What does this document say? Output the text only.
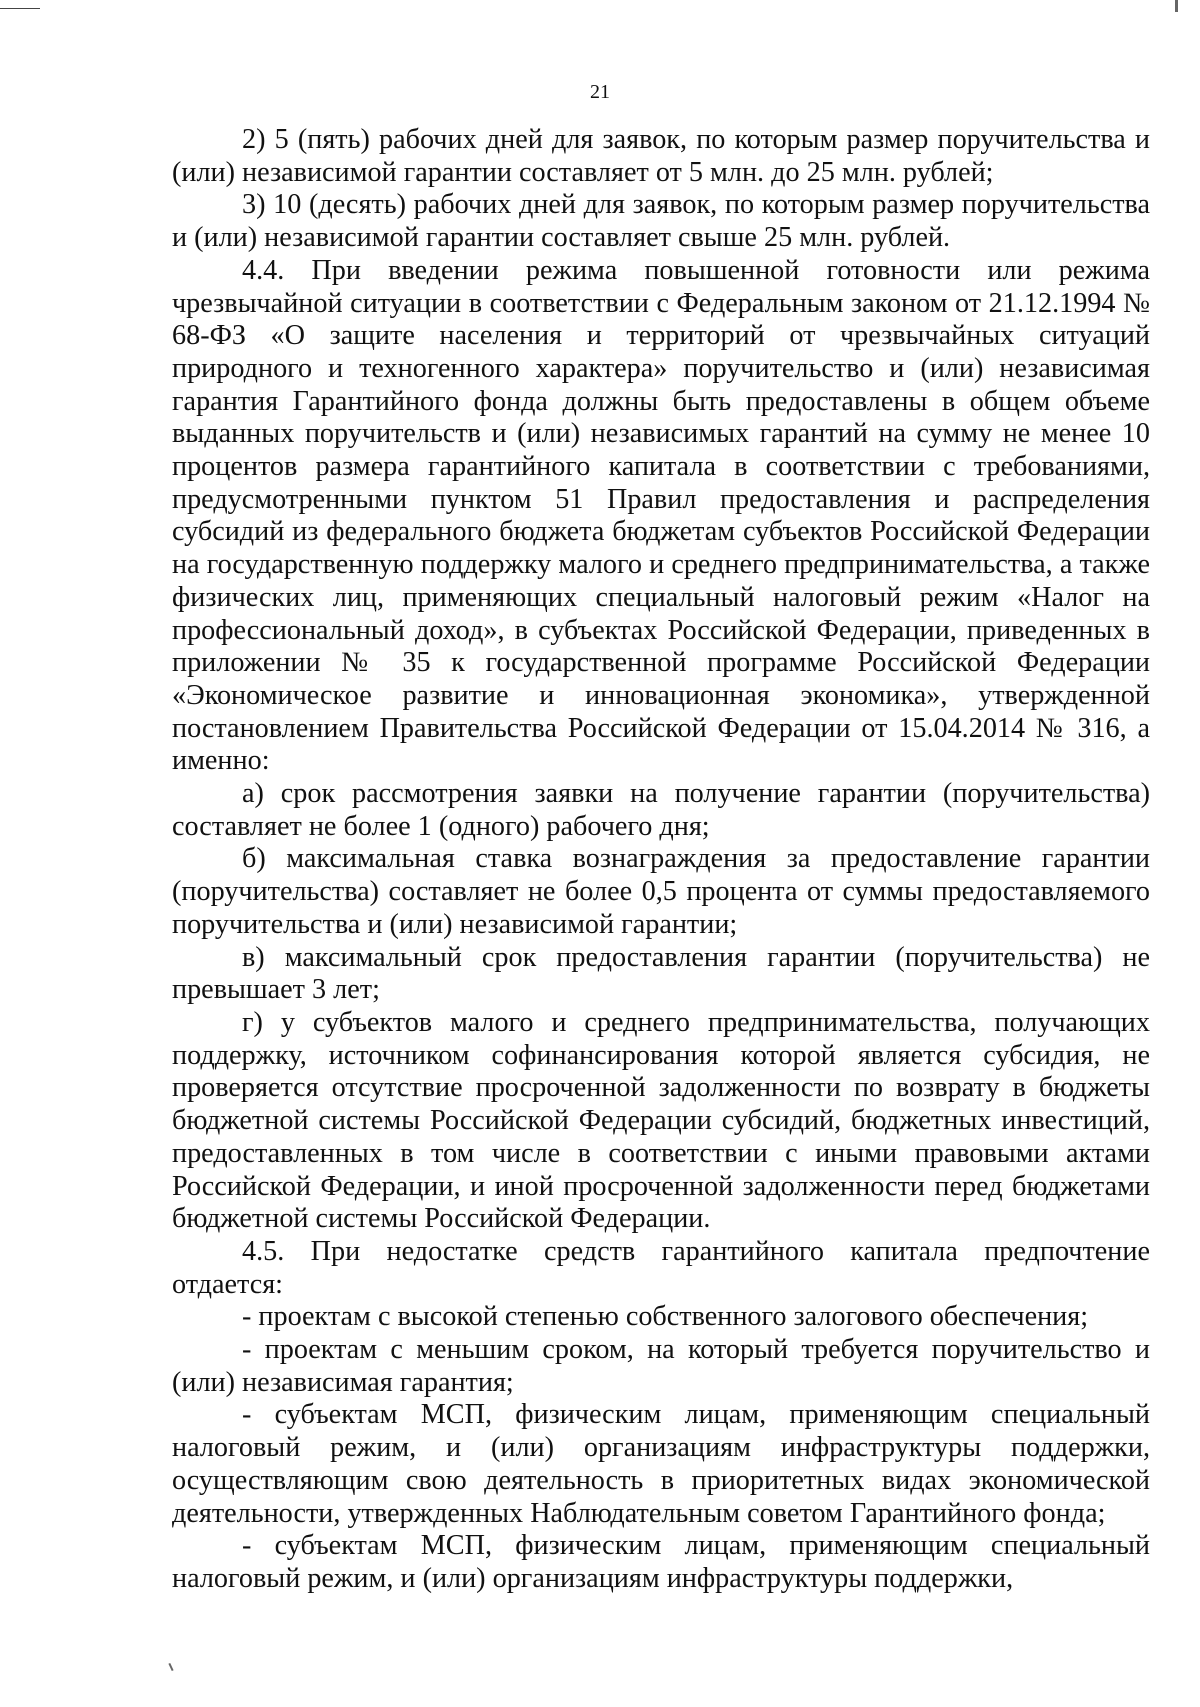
21

2) 5 (пять) рабочих дней для заявок, по которым размер поручительства и (или) независимой гарантии составляет от 5 млн. до 25 млн. рублей;

3) 10 (десять) рабочих дней для заявок, по которым размер поручительства и (или) независимой гарантии составляет свыше 25 млн. рублей.

4.4. При введении режима повышенной готовности или режима чрезвычайной ситуации в соответствии с Федеральным законом от 21.12.1994 № 68-ФЗ «О защите населения и территорий от чрезвычайных ситуаций природного и техногенного характера» поручительство и (или) независимая гарантия Гарантийного фонда должны быть предоставлены в общем объеме выданных поручительств и (или) независимых гарантий на сумму не менее 10 процентов размера гарантийного капитала в соответствии с требованиями, предусмотренными пунктом 51 Правил предоставления и распределения субсидий из федерального бюджета бюджетам субъектов Российской Федерации на государственную поддержку малого и среднего предпринимательства, а также физических лиц, применяющих специальный налоговый режим «Налог на профессиональный доход», в субъектах Российской Федерации, приведенных в приложении № 35 к государственной программе Российской Федерации «Экономическое развитие и инновационная экономика», утвержденной постановлением Правительства Российской Федерации от 15.04.2014 № 316, а именно:

а) срок рассмотрения заявки на получение гарантии (поручительства) составляет не более 1 (одного) рабочего дня;

б) максимальная ставка вознаграждения за предоставление гарантии (поручительства) составляет не более 0,5 процента от суммы предоставляемого поручительства и (или) независимой гарантии;

в) максимальный срок предоставления гарантии (поручительства) не превышает 3 лет;

г) у субъектов малого и среднего предпринимательства, получающих поддержку, источником софинансирования которой является субсидия, не проверяется отсутствие просроченной задолженности по возврату в бюджеты бюджетной системы Российской Федерации субсидий, бюджетных инвестиций, предоставленных в том числе в соответствии с иными правовыми актами Российской Федерации, и иной просроченной задолженности перед бюджетами бюджетной системы Российской Федерации.

4.5. При недостатке средств гарантийного капитала предпочтение отдается:

- проектам с высокой степенью собственного залогового обеспечения;

- проектам с меньшим сроком, на который требуется поручительство и (или) независимая гарантия;

- субъектам МСП, физическим лицам, применяющим специальный налоговый режим, и (или) организациям инфраструктуры поддержки, осуществляющим свою деятельность в приоритетных видах экономической деятельности, утвержденных Наблюдательным советом Гарантийного фонда;

- субъектам МСП, физическим лицам, применяющим специальный налоговый режим, и (или) организациям инфраструктуры поддержки,
